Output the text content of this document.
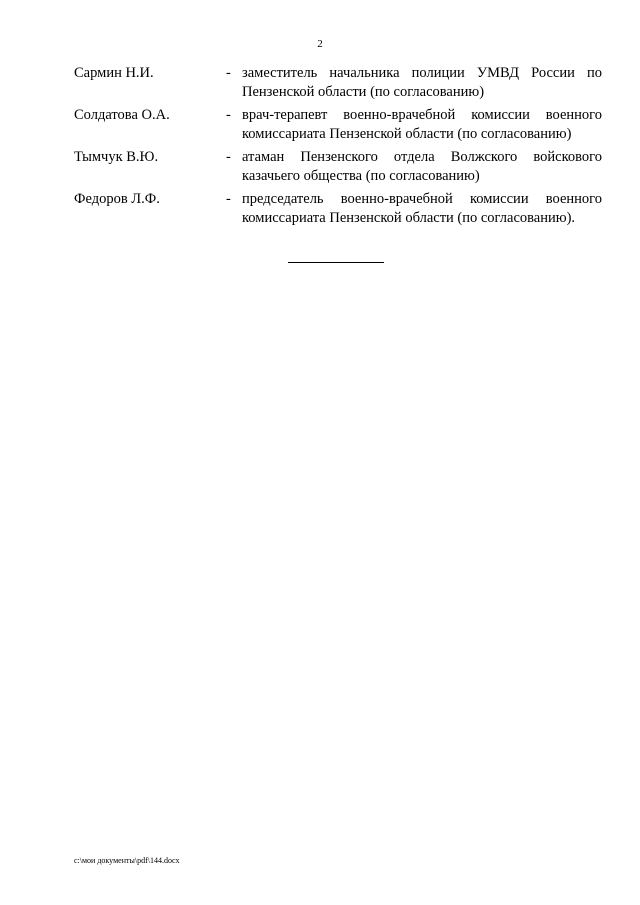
2
Сармин Н.И.	- заместитель начальника полиции УМВД России по Пензенской области (по согласованию)
Солдатова О.А.	- врач-терапевт военно-врачебной комиссии военного комиссариата Пензенской области (по согласованию)
Тымчук В.Ю.	- атаман Пензенского отдела Волжского войскового казачьего общества (по согласованию)
Федоров Л.Ф.	- председатель военно-врачебной комиссии военного комиссариата Пензенской области (по согласованию).
c:\мои документы\pdf\144.docx
